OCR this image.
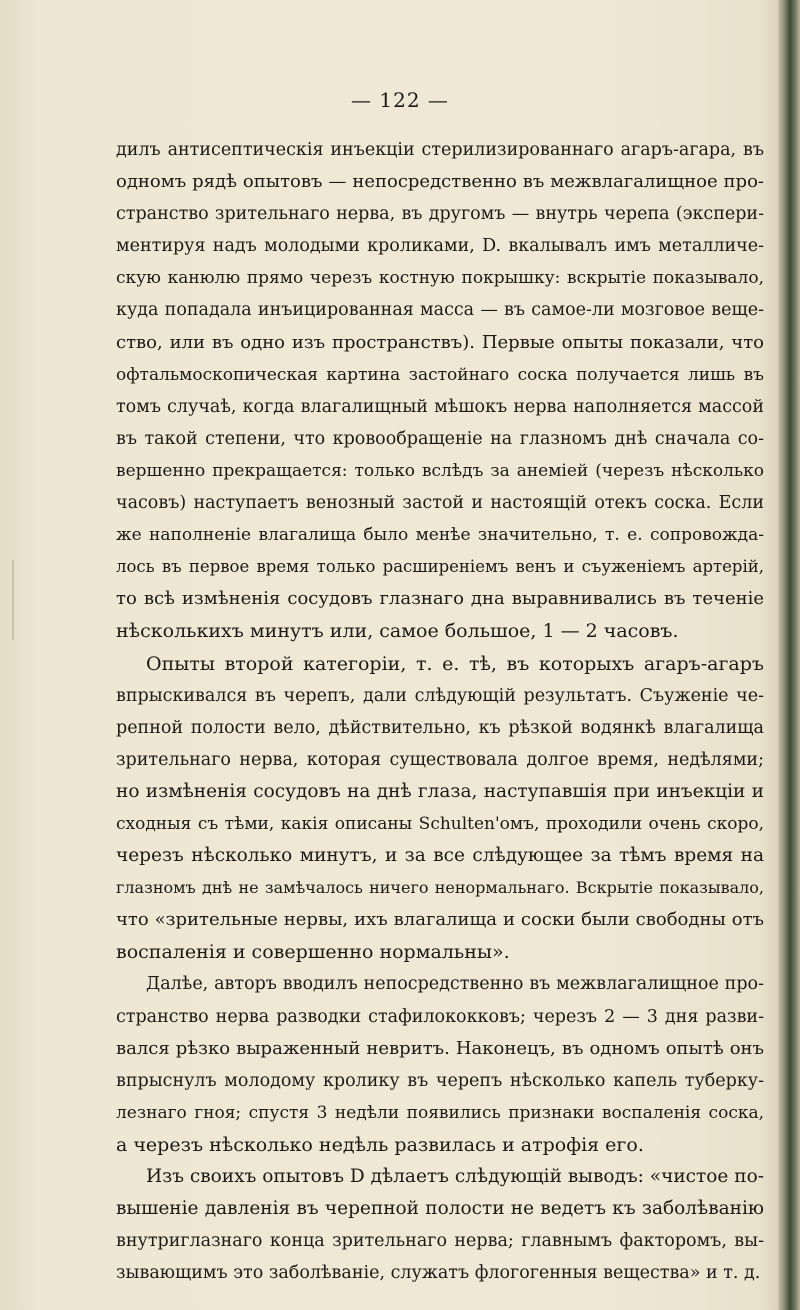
— 122 —
дилъ антисептическія инъекціи стерилизированнаго агаръ-агара, въ
одномъ рядѣ опытовъ — непосредственно въ межвлагалищное про-
странство зрительнаго нерва, въ другомъ — внутрь черепа (экспери-
ментируя надъ молодыми кроликами, D. вкалывалъ имъ металличе-
скую канюлю прямо черезъ костную покрышку: вскрытіе показывало,
куда попадала инъицированная масса — въ самое-ли мозговое веще-
ство, или въ одно изъ пространствъ). Первые опыты показали, что
офтальмоскопическая картина застойнаго соска получается лишь въ
томъ случаѣ, когда влагалищный мѣшокъ нерва наполняется массой
въ такой степени, что кровообращеніе на глазномъ днѣ сначала со-
вершенно прекращается: только вслѣдъ за анеміей (черезъ нѣсколько
часовъ) наступаетъ венозный застой и настоящій отекъ соска. Если
же наполненіе влагалища было менѣе значительно, т. е. сопровожда-
лось въ первое время только расширеніемъ венъ и съуженіемъ артерій,
то всѣ измѣненія сосудовъ глазнаго дна выравнивались въ теченіе
нѣсколькихъ минутъ или, самое большое, 1 — 2 часовъ.
Опыты второй категоріи, т. е. тѣ, въ которыхъ агаръ-агаръ
впрыскивался въ черепъ, дали слѣдующій результатъ. Съуженіе че-
репной полости вело, дѣйствительно, къ рѣзкой водянкѣ влагалища
зрительнаго нерва, которая существовала долгое время, недѣлями;
но измѣненія сосудовъ на днѣ глаза, наступавшія при инъекціи и
сходныя съ тѣми, какія описаны Schulten'омъ, проходили очень скоро,
черезъ нѣсколько минутъ, и за все слѣдующее за тѣмъ время на
глазномъ днѣ не замѣчалось ничего ненормальнаго. Вскрытіе показывало,
что «зрительные нервы, ихъ влагалища и соски были свободны отъ
воспаленія и совершенно нормальны».
Далѣе, авторъ вводилъ непосредственно въ межвлагалищное про-
странство нерва разводки стафилококковъ; черезъ 2 — 3 дня разви-
вался рѣзко выраженный невритъ. Наконецъ, въ одномъ опытѣ онъ
впрыснулъ молодому кролику въ черепъ нѣсколько капель туберку-
лезнаго гноя; спустя 3 недѣли появились признаки воспаленія соска,
а черезъ нѣсколько недѣль развилась и атрофія его.
Изъ своихъ опытовъ D дѣлаетъ слѣдующій выводъ: «чистое по-
вышеніе давленія въ черепной полости не ведетъ къ заболѣванію
внутриглазнаго конца зрительнаго нерва; главнымъ факторомъ, вы-
зывающимъ это заболѣваніе, служатъ флогогенныя вещества» и т. д.
